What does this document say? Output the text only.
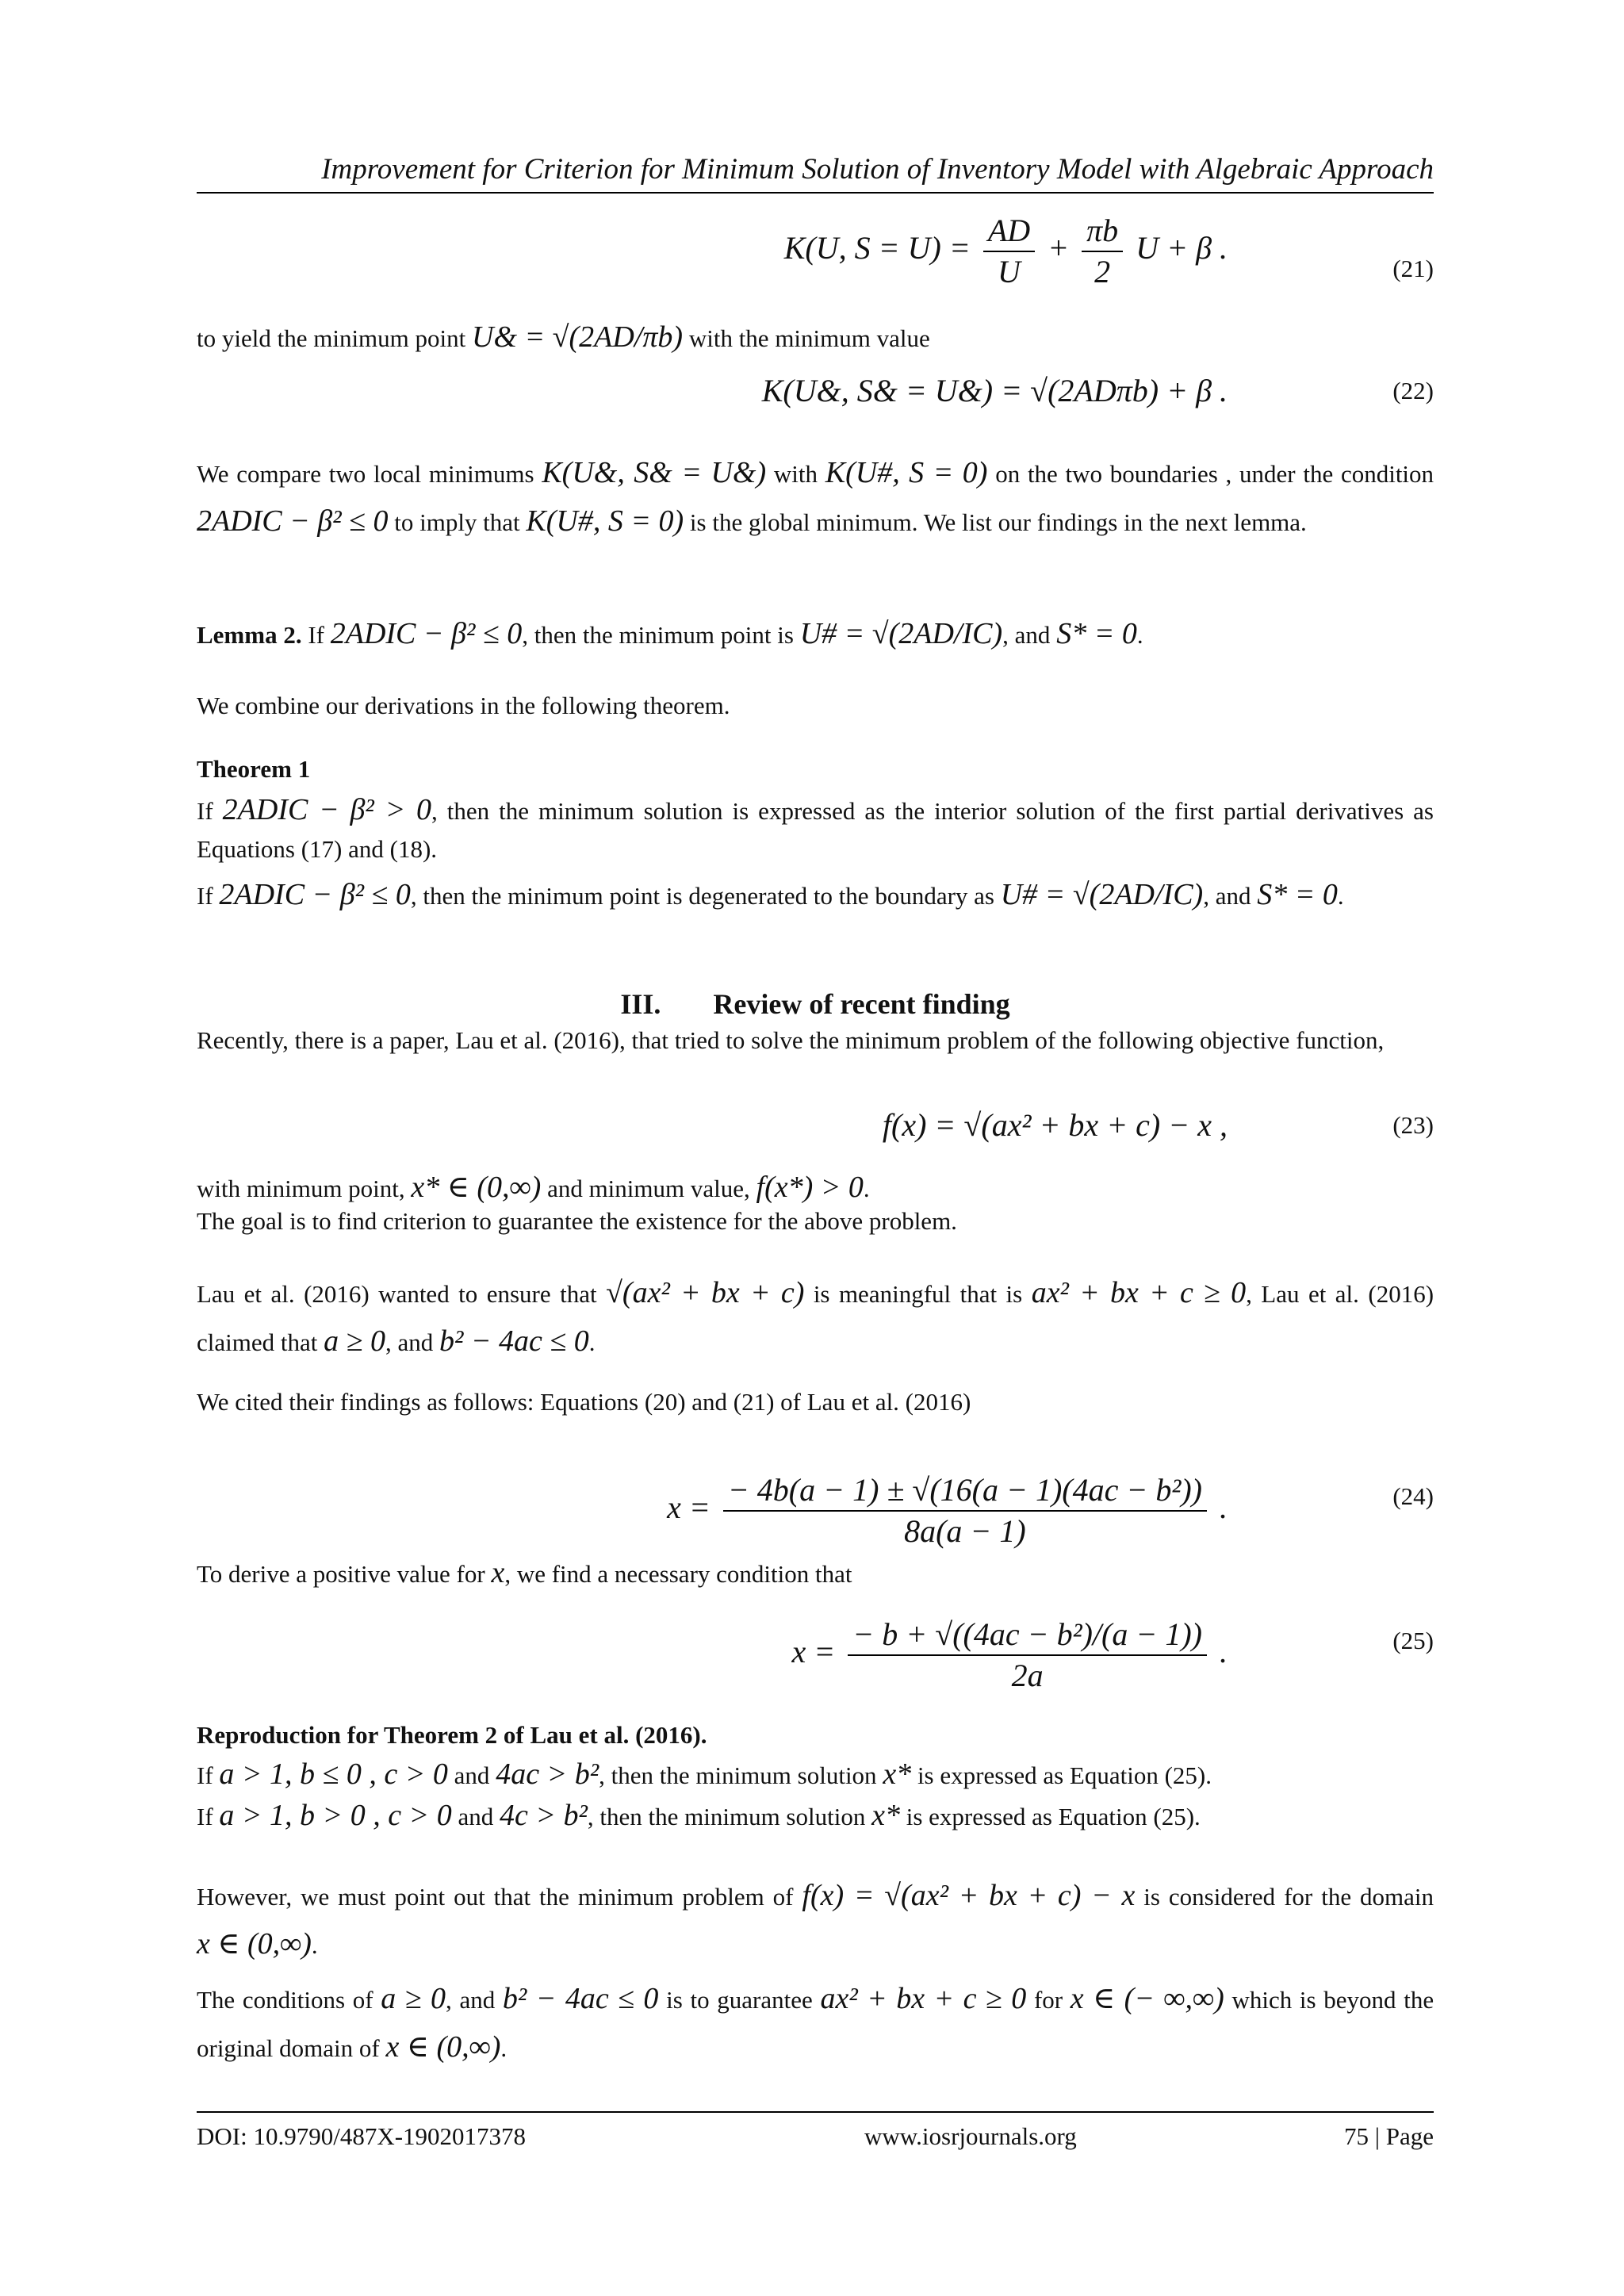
Improvement for Criterion for Minimum Solution of Inventory Model with Algebraic Approach
K(U, $S = U) = \frac{AD}{U} + \frac{\pi b}{2}$ U + β .
(21)
to yield the minimum point U& = √(2AD/πb) with the minimum value
K(U&, S& = U&) = √(2ADπb) + β .	(22)
We compare two local minimums K(U&, S& = U&) with K(U#, S = 0) on the two boundaries , under the condition 2ADIC − β² ≤ 0 to imply that K(U#, S = 0) is the global minimum. We list our findings in the next lemma.
Lemma 2. If 2ADIC − β² ≤ 0, then the minimum point is U# = √(2AD/IC), and S* = 0.
We combine our derivations in the following theorem.
Theorem 1
If 2ADIC − β² > 0, then the minimum solution is expressed as the interior solution of the first partial derivatives as Equations (17) and (18).
If 2ADIC − β² ≤ 0, then the minimum point is degenerated to the boundary as U# = √(2AD/IC), and S* = 0.
III. Review of recent finding
Recently, there is a paper, Lau et al. (2016), that tried to solve the minimum problem of the following objective function,
f(x) = √(ax² + bx + c) − x ,	(23)
with minimum point, x* ∈ (0,∞) and minimum value, f(x*) > 0.
The goal is to find criterion to guarantee the existence for the above problem.
Lau et al. (2016) wanted to ensure that √(ax² + bx + c) is meaningful that is ax² + bx + c ≥ 0, Lau et al. (2016) claimed that a ≥ 0, and b² − 4ac ≤ 0.
We cited their findings as follows: Equations (20) and (21) of Lau et al. (2016)
$x = \frac{\text{− 4b(a − 1) ± √(16(a − 1)(4ac − b²))}}{8a(a - 1)}$ .	(24)
To derive a positive value for x, we find a necessary condition that
$x = \frac{\text{− b + √((4ac − b²)/(a − 1))}}{2a}$ .	(25)
Reproduction for Theorem 2 of Lau et al. (2016).
If a > 1, b ≤ 0 , c > 0 and 4ac > b², then the minimum solution x* is expressed as Equation (25).
If a > 1, b > 0 , c > 0 and 4c > b², then the minimum solution x* is expressed as Equation (25).
However, we must point out that the minimum problem of f(x) = √(ax² + bx + c) − x is considered for the domain x ∈ (0,∞).
The conditions of a ≥ 0, and b² − 4ac ≤ 0 is to guarantee ax² + bx + c ≥ 0 for x ∈ (− ∞,∞) which is beyond the original domain of x ∈ (0,∞).
DOI: 10.9790/487X-1902017378	www.iosrjournals.org	75 | Page
